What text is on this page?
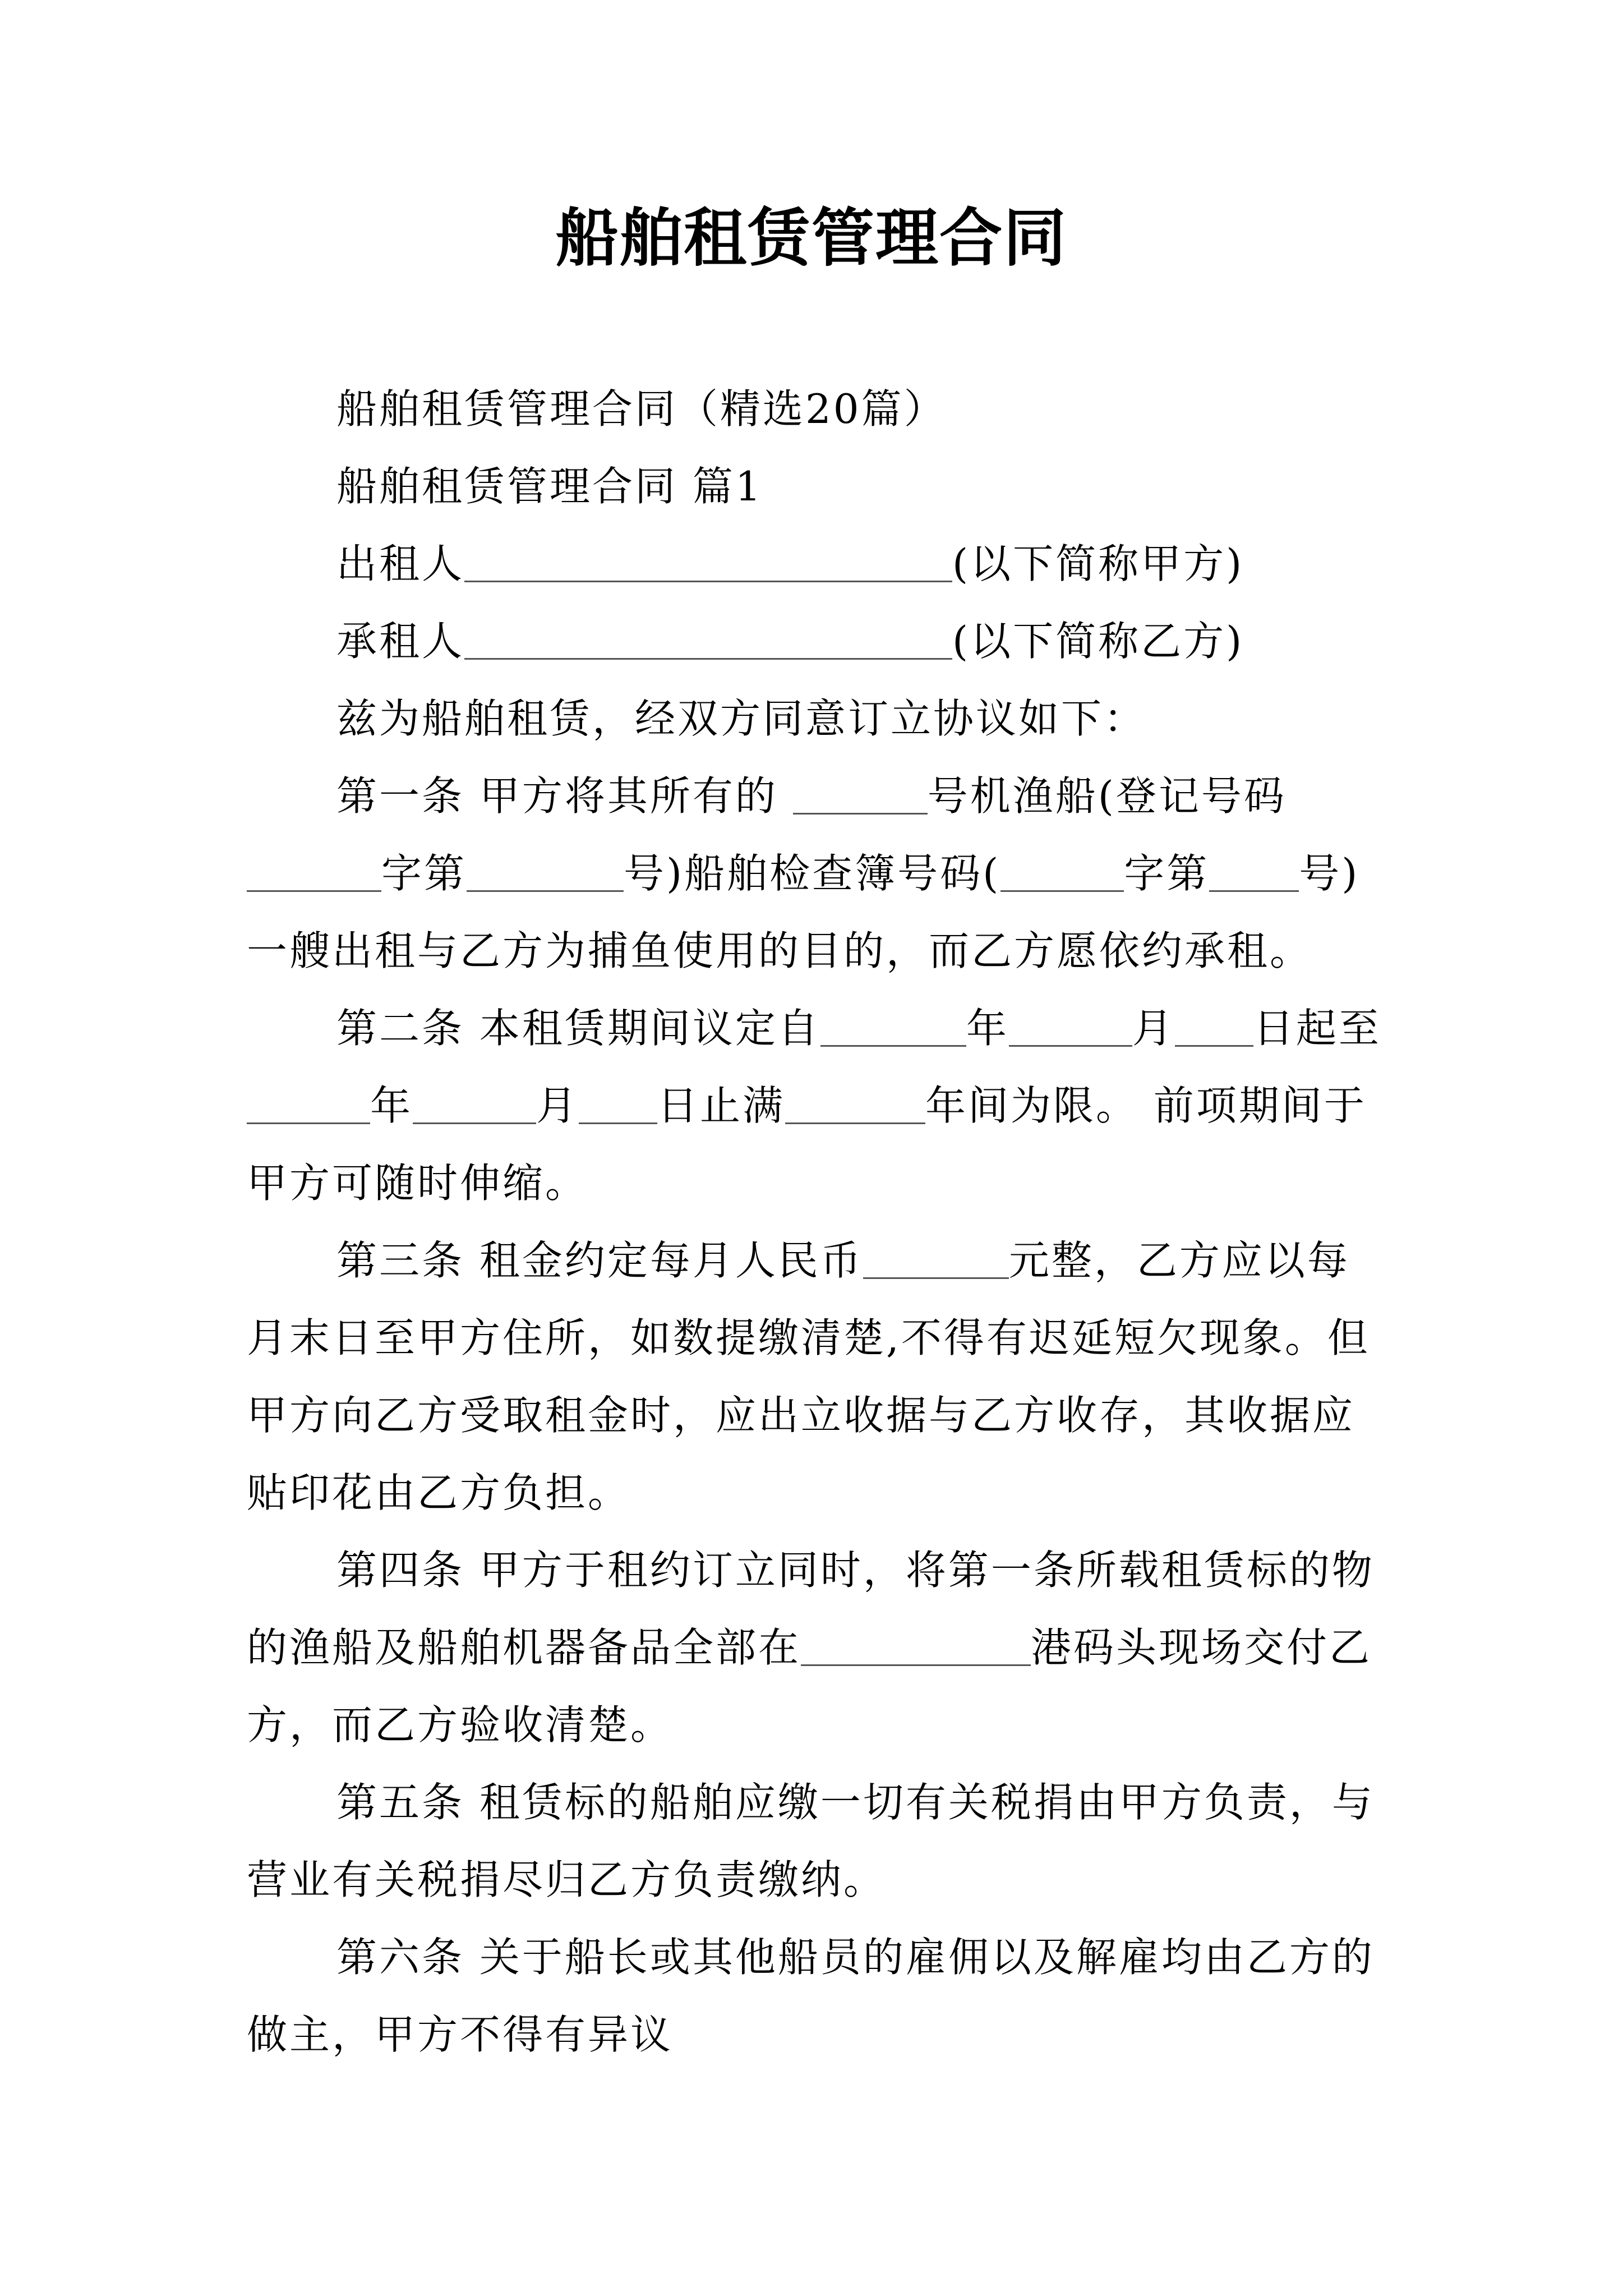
船舶租赁管理合同

船舶租赁管理合同（精选20篇）

船舶租赁管理合同 篇1

出租人	(以下简称甲方)

承租人	(以下简称乙方)

兹为船舶租赁，经双方同意订立协议如下：

第一条 甲方将其所有的	号机渔船(登记号码字第	号)船舶检查簿号码(	字第 号)一艘出租与乙方为捕鱼使用的目的，而乙方愿依约承租。

第二条 本租赁期间议定自	年	月 日起至年	月 日止满	年间为限。 前项期间于甲方可随时伸缩。

第三条 租金约定每月人民币	元整，乙方应以每月末日至甲方住所，如数提缴清楚,不得有迟延短欠现象。但甲方向乙方受取租金时，应出立收据与乙方收存，其收据应贴印花由乙方负担。

第四条 甲方于租约订立同时，将第一条所载租赁标的物的渔船及船舶机器备品全部在	港码头现场交付乙方，而乙方验收清楚。

第五条 租赁标的船舶应缴一切有关税捐由甲方负责，与营业有关税捐尽归乙方负责缴纳。

第六条 关于船长或其他船员的雇佣以及解雇均由乙方的做主，甲方不得有异议
